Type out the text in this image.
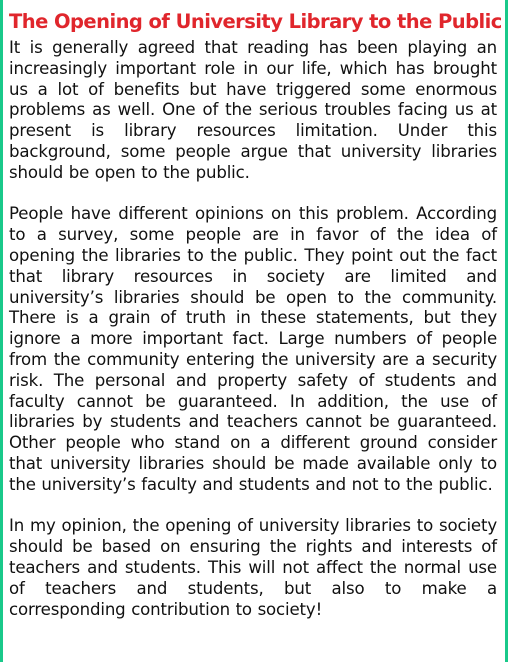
The Opening of University Library to the Public

It is generally agreed that reading has been playing an increasingly important role in our life, which has brought us a lot of benefits but have triggered some enormous problems as well. One of the serious troubles facing us at present is library resources limitation. Under this background, some people argue that university libraries should be open to the public.

People have different opinions on this problem. According to a survey, some people are in favor of the idea of opening the libraries to the public. They point out the fact that library resources in society are limited and university’s libraries should be open to the community. There is a grain of truth in these statements, but they ignore a more important fact. Large numbers of people from the community entering the university are a security risk. The personal and property safety of students and faculty cannot be guaranteed. In addition, the use of libraries by students and teachers cannot be guaranteed. Other people who stand on a different ground consider that university libraries should be made available only to the university’s faculty and students and not to the public.

In my opinion, the opening of university libraries to society should be based on ensuring the rights and interests of teachers and students. This will not affect the normal use of teachers and students, but also to make a corresponding contribution to society!
